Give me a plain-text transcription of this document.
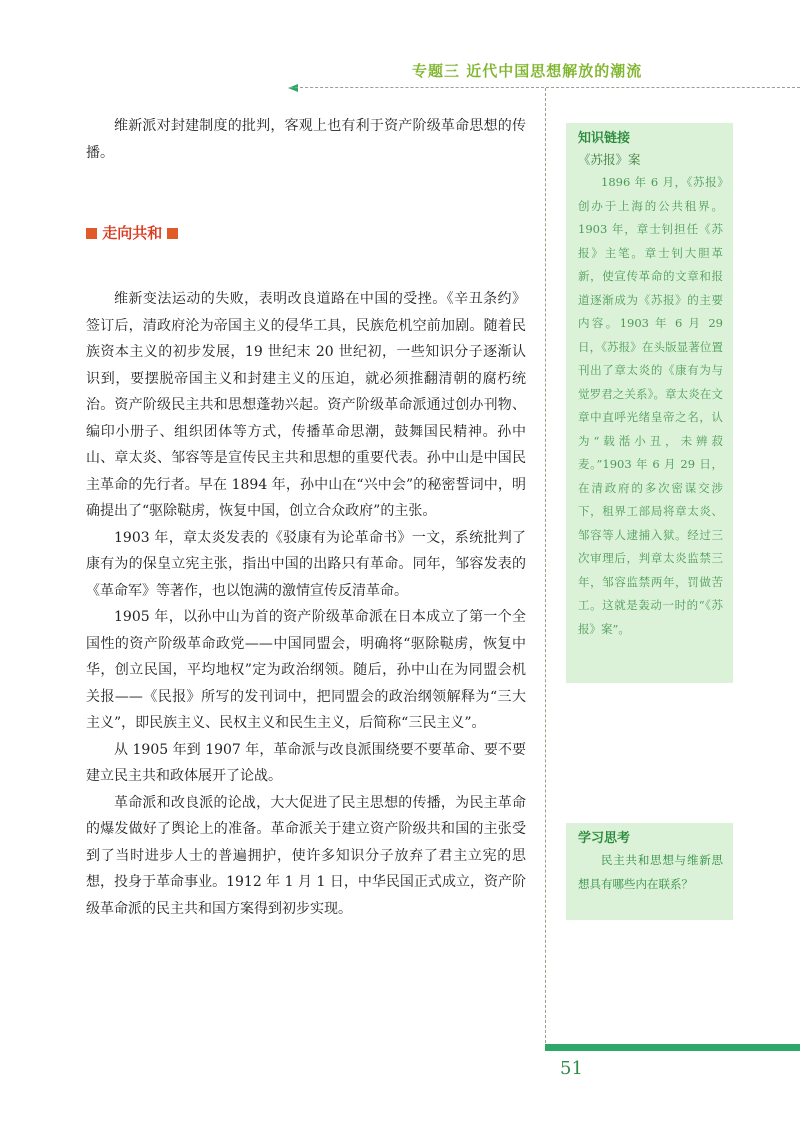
专题三 近代中国思想解放的潮流

维新派对封建制度的批判，客观上也有利于资产阶级革命思想的传播。

走向共和

维新变法运动的失败，表明改良道路在中国的受挫。《辛丑条约》签订后，清政府沦为帝国主义的侵华工具，民族危机空前加剧。随着民族资本主义的初步发展，19 世纪末 20 世纪初，一些知识分子逐渐认识到，要摆脱帝国主义和封建主义的压迫，就必须推翻清朝的腐朽统治。资产阶级民主共和思想蓬勃兴起。资产阶级革命派通过创办刊物、编印小册子、组织团体等方式，传播革命思潮，鼓舞国民精神。孙中山、章太炎、邹容等是宣传民主共和思想的重要代表。孙中山是中国民主革命的先行者。早在 1894 年，孙中山在“兴中会”的秘密誓词中，明确提出了“驱除鞑虏，恢复中国，创立合众政府”的主张。

1903 年，章太炎发表的《驳康有为论革命书》一文，系统批判了康有为的保皇立宪主张，指出中国的出路只有革命。同年，邹容发表的《革命军》等著作，也以饱满的激情宣传反清革命。

1905 年，以孙中山为首的资产阶级革命派在日本成立了第一个全国性的资产阶级革命政党——中国同盟会，明确将“驱除鞑虏，恢复中华，创立民国，平均地权”定为政治纲领。随后，孙中山在为同盟会机关报——《民报》所写的发刊词中，把同盟会的政治纲领解释为“三大主义”，即民族主义、民权主义和民生主义，后简称“三民主义”。

从 1905 年到 1907 年，革命派与改良派围绕要不要革命、要不要建立民主共和政体展开了论战。

革命派和改良派的论战，大大促进了民主思想的传播，为民主革命的爆发做好了舆论上的准备。革命派关于建立资产阶级共和国的主张受到了当时进步人士的普遍拥护，使许多知识分子放弃了君主立宪的思想，投身于革命事业。1912 年 1 月 1 日，中华民国正式成立，资产阶级革命派的民主共和国方案得到初步实现。

知识链接
《苏报》案

1896 年 6 月，《苏报》创办于上海的公共租界。1903 年，章士钊担任《苏报》主笔。章士钊大胆革新，使宣传革命的文章和报道逐渐成为《苏报》的主要内容。1903 年 6 月 29 日，《苏报》在头版显著位置刊出了章太炎的《康有为与觉罗君之关系》。章太炎在文章中直呼光绪皇帝之名，认为“载湉小丑，未辨菽麦。”1903 年 6 月 29 日，在清政府的多次密谋交涉下，租界工部局将章太炎、邹容等人逮捕入狱。经过三次审理后，判章太炎监禁三年，邹容监禁两年，罚做苦工。这就是轰动一时的“《苏报》案”。

学习思考

民主共和思想与维新思想具有哪些内在联系？

51
